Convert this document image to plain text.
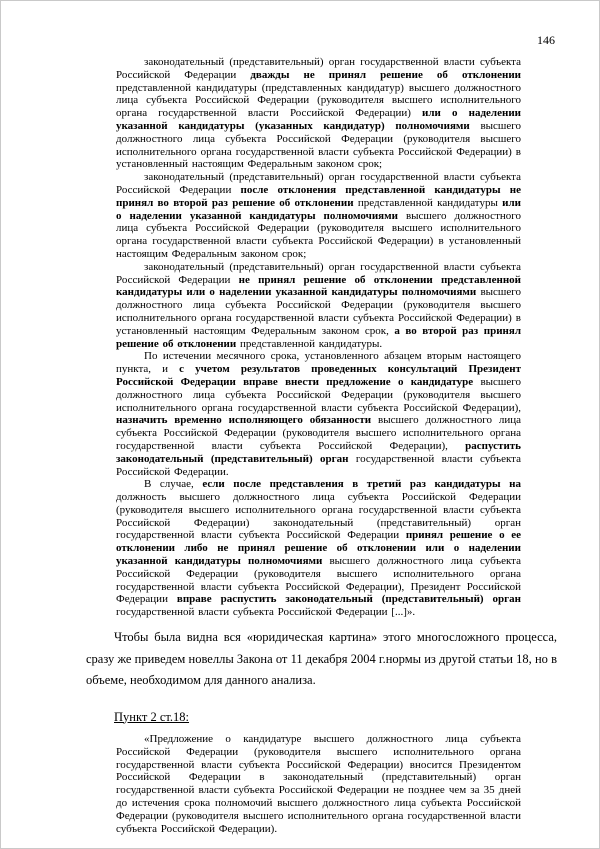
146

законодательный (представительный) орган государственной власти субъекта Российской Федерации дважды не принял решение об отклонении представленной кандидатуры (представленных кандидатур) высшего должностного лица субъекта Российской Федерации (руководителя высшего исполнительного органа государственной власти Российской Федерации) или о наделении указанной кандидатуры (указанных кандидатур) полномочиями высшего должностного лица субъекта Российской Федерации (руководителя высшего исполнительного органа государственной власти субъекта Российской Федерации) в установленный настоящим Федеральным законом срок;

законодательный (представительный) орган государственной власти субъекта Российской Федерации после отклонения представленной кандидатуры не принял во второй раз решение об отклонении представленной кандидатуры или о наделении указанной кандидатуры полномочиями высшего должностного лица субъекта Российской Федерации (руководителя высшего исполнительного органа государственной власти субъекта Российской Федерации) в установленный настоящим Федеральным законом срок;

законодательный (представительный) орган государственной власти субъекта Российской Федерации не принял решение об отклонении представленной кандидатуры или о наделении указанной кандидатуры полномочиями высшего должностного лица субъекта Российской Федерации (руководителя высшего исполнительного органа государственной власти субъекта Российской Федерации) в установленный настоящим Федеральным законом срок, а во второй раз принял решение об отклонении представленной кандидатуры.

По истечении месячного срока, установленного абзацем вторым настоящего пункта, и с учетом результатов проведенных консультаций Президент Российской Федерации вправе внести предложение о кандидатуре высшего должностного лица субъекта Российской Федерации (руководителя высшего исполнительного органа государственной власти субъекта Российской Федерации), назначить временно исполняющего обязанности высшего должностного лица субъекта Российской Федерации (руководителя высшего исполнительного органа государственной власти субъекта Российской Федерации), распустить законодательный (представительный) орган государственной власти субъекта Российской Федерации.

В случае, если после представления в третий раз кандидатуры на должность высшего должностного лица субъекта Российской Федерации (руководителя высшего исполнительного органа государственной власти субъекта Российской Федерации) законодательный (представительный) орган государственной власти субъекта Российской Федерации принял решение о ее отклонении либо не принял решение об отклонении или о наделении указанной кандидатуры полномочиями высшего должностного лица субъекта Российской Федерации (руководителя высшего исполнительного органа государственной власти субъекта Российской Федерации), Президент Российской Федерации вправе распустить законодательный (представительный) орган государственной власти субъекта Российской Федерации [...]».

Чтобы была видна вся «юридическая картина» этого многосложного процесса, сразу же приведем новеллы Закона от 11 декабря 2004 г.нормы из другой статьи 18, но в объеме, необходимом для данного анализа.

Пункт 2 ст.18:

«Предложение о кандидатуре высшего должностного лица субъекта Российской Федерации (руководителя высшего исполнительного органа государственной власти субъекта Российской Федерации) вносится Президентом Российской Федерации в законодательный (представительный) орган государственной власти субъекта Российской Федерации не позднее чем за 35 дней до истечения срока полномочий высшего должностного лица субъекта Российской Федерации (руководителя высшего исполнительного органа государственной власти субъекта Российской Федерации).
